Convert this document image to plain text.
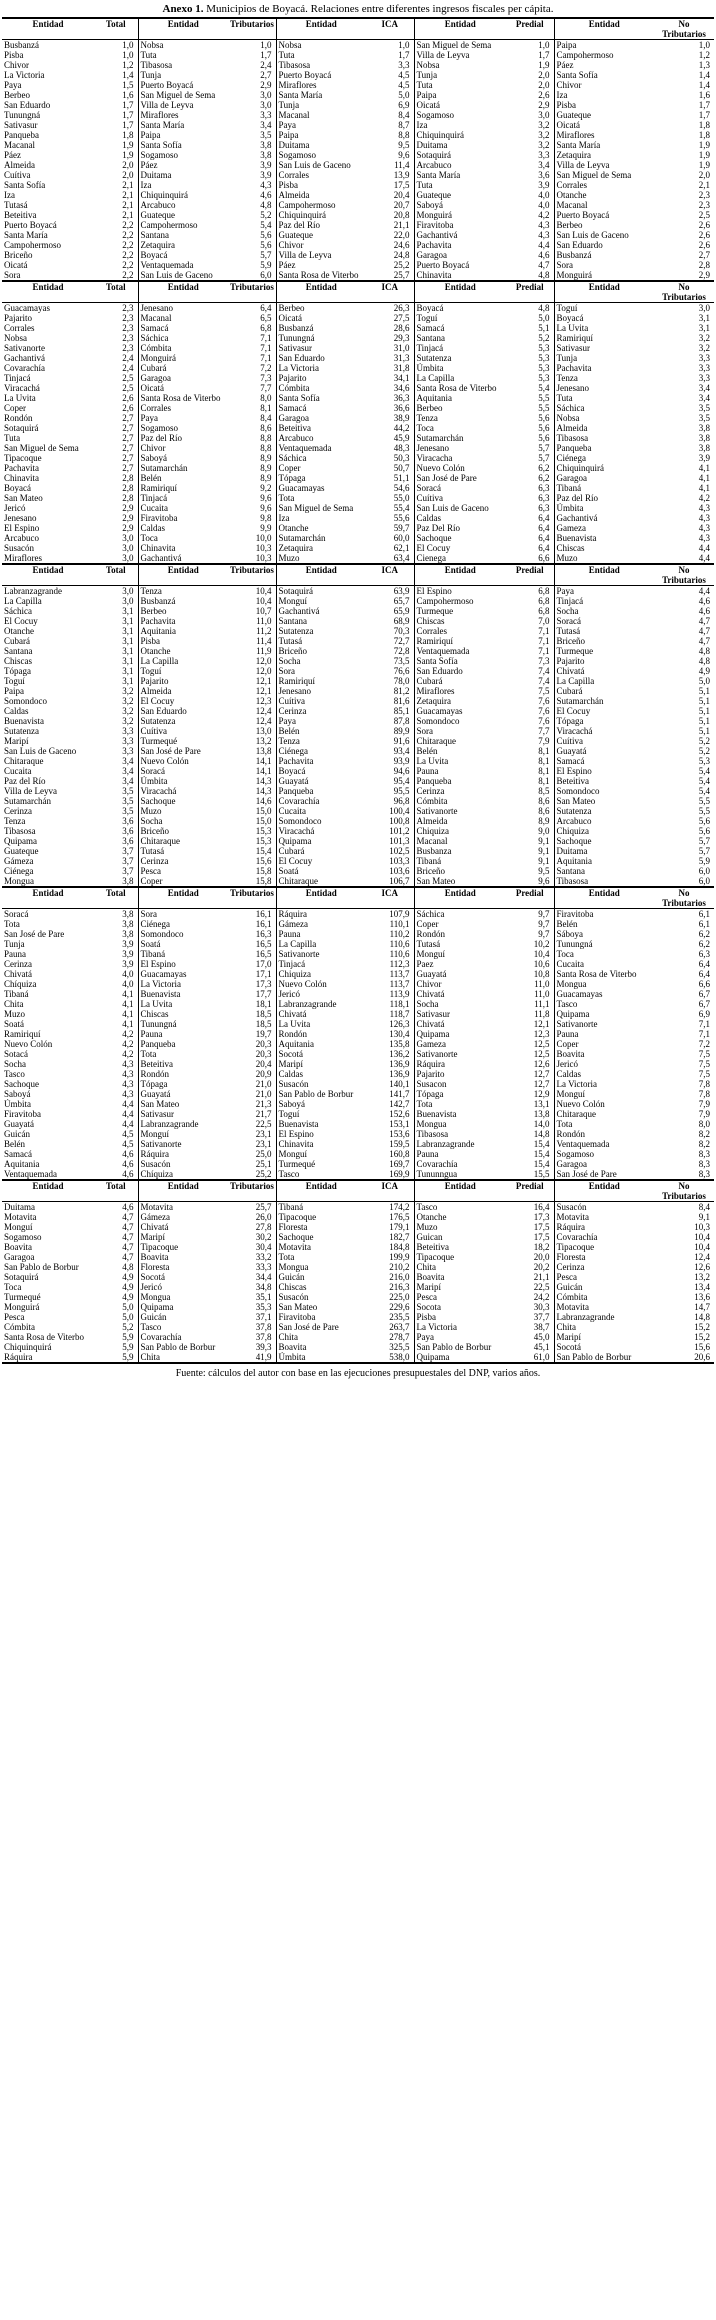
Anexo 1. Municipios de Boyacá. Relaciones entre diferentes ingresos fiscales per cápita.
Entidad	Total	Entidad	Tributarios	Entidad	ICA	Entidad	Predial	Entidad	No Tributarios
Busbanzá	1,0	Nobsa	1,0	Nobsa	1,0	San Miguel de Sema	1,0	Paipa	1,0
Pisba	1,0	Tuta	1,7	Tuta	1,7	Villa de Leyva	1,7	Campohermoso	1,2
Chivor	1,2	Tibasosa	2,4	Tibasosa	3,3	Nobsa	1,9	Páez	1,3
La Victoria	1,4	Tunja	2,7	Puerto Boyacá	4,5	Tunja	2,0	Santa Sofía	1,4
Paya	1,5	Puerto Boyacá	2,9	Miraflores	4,5	Tuta	2,0	Chivor	1,4
Berbeo	1,6	San Miguel de Sema	3,0	Santa María	5,0	Paipa	2,6	Iza	1,6
San Eduardo	1,7	Villa de Leyva	3,0	Tunja	6,9	Oicatá	2,9	Pisba	1,7
Tunungná	1,7	Miraflores	3,3	Macanal	8,4	Sogamoso	3,0	Guateque	1,7
Sativasur	1,7	Santa María	3,4	Paya	8,7	Iza	3,2	Oicatá	1,8
Panqueba	1,8	Paipa	3,5	Paipa	8,8	Chiquinquirá	3,2	Miraflores	1,8
Macanal	1,9	Santa Sofía	3,8	Duitama	9,5	Duitama	3,2	Santa María	1,9
Páez	1,9	Sogamoso	3,8	Sogamoso	9,6	Sotaquirá	3,3	Zetaquira	1,9
Almeida	2,0	Páez	3,9	San Luis de Gaceno	11,4	Arcabuco	3,4	Villa de Leyva	1,9
Cuítiva	2,0	Duitama	3,9	Corrales	13,9	Santa María	3,6	San Miguel de Sema	2,0
Santa Sofía	2,1	Iza	4,3	Pisba	17,5	Tuta	3,9	Corrales	2,1
Iza	2,1	Chiquinquirá	4,6	Almeida	20,4	Guateque	4,0	Otanche	2,3
Tutasá	2,1	Arcabuco	4,8	Campohermoso	20,7	Saboyá	4,0	Macanal	2,3
Beteitiva	2,1	Guateque	5,2	Chiquinquirá	20,8	Monguirá	4,2	Puerto Boyacá	2,5
Puerto Boyacá	2,2	Campohermoso	5,4	Paz del Río	21,1	Firavitoba	4,3	Berbeo	2,6
Santa María	2,2	Santana	5,6	Guateque	22,0	Gachantivá	4,3	San Luis de Gaceno	2,6
Campohermoso	2,2	Zetaquira	5,6	Chivor	24,6	Pachavita	4,4	San Eduardo	2,6
Briceño	2,2	Boyacá	5,7	Villa de Leyva	24,8	Garagoa	4,6	Busbanzá	2,7
Oicatá	2,2	Ventaquemada	5,9	Páez	25,2	Puerto Boyacá	4,7	Sora	2,8
Sora	2,2	San Luis de Gaceno	6,0	Santa Rosa de Viterbo	25,7	Chinavita	4,8	Monguirá	2,9
Entidad	Total	Entidad	Tributarios	Entidad	ICA	Entidad	Predial	Entidad	No Tributarios
Guacamayas	2,3	Jenesano	6,4	Berbeo	26,3	Boyacá	4,8	Toguí	3,0
Pajarito	2,3	Macanal	6,5	Oicatá	27,5	Toguí	5,0	Boyacá	3,1
Corrales	2,3	Samacá	6,8	Busbanzá	28,6	Samacá	5,1	La Uvita	3,1
Nobsa	2,3	Sáchica	7,1	Tunungná	29,3	Santana	5,2	Ramiriquí	3,2
Sativanorte	2,3	Cómbita	7,1	Sativasur	31,0	Tinjacá	5,3	Sativasur	3,2
Gachantivá	2,4	Monguirá	7,1	San Eduardo	31,3	Sutatenza	5,3	Tunja	3,3
Covarachía	2,4	Cubará	7,2	La Victoria	31,8	Úmbita	5,3	Pachavita	3,3
Tinjacá	2,5	Garagoa	7,3	Pajarito	34,1	La Capilla	5,3	Tenza	3,3
Viracachá	2,5	Oicatá	7,7	Cómbita	34,6	Santa Rosa de Viterbo	5,4	Jenesano	3,4
La Uvita	2,6	Santa Rosa de Viterbo	8,0	Santa Sofía	36,3	Aquitania	5,5	Tuta	3,4
Coper	2,6	Corrales	8,1	Samacá	36,6	Berbeo	5,5	Sáchica	3,5
Rondón	2,7	Paya	8,4	Garagoa	38,9	Tenza	5,6	Nobsa	3,5
Sotaquirá	2,7	Sogamoso	8,6	Beteitiva	44,2	Toca	5,6	Almeida	3,8
Tuta	2,7	Paz del Río	8,8	Arcabuco	45,9	Sutamarchán	5,6	Tibasosa	3,8
San Miguel de Sema	2,7	Chivor	8,8	Ventaquemada	48,3	Jenesano	5,7	Panqueba	3,8
Tipacoque	2,7	Saboyá	8,9	Sáchica	50,3	Viracacha	5,7	Ciénega	3,9
Pachavita	2,7	Sutamarchán	8,9	Coper	50,7	Nuevo Colón	6,2	Chiquinquirá	4,1
Chinavita	2,8	Belén	8,9	Tópaga	51,1	San José de Pare	6,2	Garagoa	4,1
Boyacá	2,8	Ramiriquí	9,2	Guacamayas	54,6	Soracá	6,3	Tibaná	4,1
San Mateo	2,8	Tinjacá	9,6	Tota	55,0	Cuítiva	6,3	Paz del Río	4,2
Jericó	2,9	Cucaita	9,6	San Miguel de Sema	55,4	San Luis de Gaceno	6,3	Úmbita	4,3
Jenesano	2,9	Firavitoba	9,8	Iza	55,6	Caldas	6,4	Gachantivá	4,3
El Espino	2,9	Caldas	9,9	Otanche	59,7	Paz Del Río	6,4	Gameza	4,3
Arcabuco	3,0	Toca	10,0	Sutamarchán	60,0	Sachoque	6,4	Buenavista	4,3
Susacón	3,0	Chinavita	10,3	Zetaquira	62,1	El Cocuy	6,4	Chiscas	4,4
Miraflores	3,0	Gachantivá	10,3	Muzo	63,4	Cienega	6,6	Muzo	4,4
Entidad	Total	Entidad	Tributarios	Entidad	ICA	Entidad	Predial	Entidad	No Tributarios
Labranzagrande	3,0	Tenza	10,4	Sotaquirá	63,9	El Espino	6,8	Paya	4,4
La Capilla	3,0	Busbanzá	10,4	Monguí	65,7	Campohermoso	6,8	Tinjacá	4,6
Sáchica	3,1	Berbeo	10,7	Gachantivá	65,9	Turmeque	6,8	Socha	4,6
El Cocuy	3,1	Pachavita	11,0	Santana	68,9	Chiscas	7,0	Soracá	4,7
Otanche	3,1	Aquitania	11,2	Sutatenza	70,3	Corrales	7,1	Tutasá	4,7
Cubará	3,1	Pisba	11,4	Tutasá	72,7	Ramiriquí	7,1	Briceño	4,7
Santana	3,1	Otanche	11,9	Briceño	72,8	Ventaquemada	7,1	Turmeque	4,8
Chiscas	3,1	La Capilla	12,0	Socha	73,5	Santa Sofía	7,3	Pajarito	4,8
Tópaga	3,1	Toguí	12,0	Sora	76,6	San Eduardo	7,4	Chivatá	4,9
Toguí	3,1	Pajarito	12,1	Ramiriquí	78,0	Cubará	7,4	La Capilla	5,0
Paipa	3,2	Almeida	12,1	Jenesano	81,2	Miraflores	7,5	Cubará	5,1
Somondoco	3,2	El Cocuy	12,3	Cuítiva	81,6	Zetaquira	7,6	Sutamarchán	5,1
Caldas	3,2	San Eduardo	12,4	Cerinza	85,1	Guacamayas	7,6	El Cocuy	5,1
Buenavista	3,2	Sutatenza	12,4	Paya	87,8	Somondoco	7,6	Tópaga	5,1
Sutatenza	3,3	Cuítiva	13,0	Belén	89,9	Sora	7,7	Viracachá	5,1
Maripí	3,3	Turmequé	13,2	Tenza	91,6	Chitaraque	7,9	Cuítiva	5,2
San Luis de Gaceno	3,3	San José de Pare	13,8	Ciénega	93,4	Belén	8,1	Guayatá	5,2
Chitaraque	3,4	Nuevo Colón	14,1	Pachavita	93,9	La Uvita	8,1	Samacá	5,3
Cucaita	3,4	Soracá	14,1	Boyacá	94,6	Pauna	8,1	El Espino	5,4
Paz del Río	3,4	Úmbita	14,3	Guayatá	95,4	Panqueba	8,1	Beteitiva	5,4
Villa de Leyva	3,5	Viracachá	14,3	Panqueba	95,5	Cerinza	8,5	Somondoco	5,4
Sutamarchán	3,5	Sachoque	14,6	Covarachía	96,8	Cómbita	8,6	San Mateo	5,5
Cerinza	3,5	Muzo	15,0	Cucaita	100,4	Sativanorte	8,6	Sutatenza	5,5
Tenza	3,6	Socha	15,0	Somondoco	100,8	Almeida	8,9	Arcabuco	5,6
Tibasosa	3,6	Briceño	15,3	Viracachá	101,2	Chiquiza	9,0	Chiquiza	5,6
Quipama	3,6	Chitaraque	15,3	Quipama	101,3	Macanal	9,1	Sachoque	5,7
Guateque	3,7	Tutasá	15,4	Cubará	102,5	Busbanza	9,1	Duitama	5,7
Gámeza	3,7	Cerinza	15,6	El Cocuy	103,3	Tibaná	9,1	Aquitania	5,9
Ciénega	3,7	Pesca	15,8	Soatá	103,6	Briceño	9,5	Santana	6,0
Mongua	3,8	Coper	15,8	Chitaraque	106,7	San Mateo	9,6	Tibasosa	6,0
Entidad	Total	Entidad	Tributarios	Entidad	ICA	Entidad	Predial	Entidad	No Tributarios
Soracá	3,8	Sora	16,1	Ráquira	107,9	Sáchica	9,7	Firavitoba	6,1
Tota	3,8	Ciénega	16,1	Gámeza	110,1	Coper	9,7	Belén	6,1
San José de Pare	3,8	Somondoco	16,3	Pauna	110,2	Rondón	9,7	Sáboya	6,2
Tunja	3,9	Soatá	16,5	La Capilla	110,6	Tutasá	10,2	Tunungná	6,2
Pauna	3,9	Tibaná	16,5	Sativanorte	110,6	Monguí	10,4	Toca	6,3
Cerinza	3,9	El Espino	17,0	Tinjacá	112,3	Paez	10,6	Cucaita	6,4
Chivatá	4,0	Guacamayas	17,1	Chiquiza	113,7	Guayatá	10,8	Santa Rosa de Viterbo	6,4
Chíquiza	4,0	La Victoria	17,3	Nuevo Colón	113,7	Chivor	11,0	Mongua	6,6
Tibaná	4,1	Buenavista	17,7	Jericó	113,9	Chivatá	11,0	Guacamayas	6,7
Chita	4,1	La Uvita	18,1	Labranzagrande	118,1	Socha	11,1	Tasco	6,7
Muzo	4,1	Chiscas	18,5	Chivatá	118,7	Sativasur	11,8	Quipama	6,9
Soatá	4,1	Tunungná	18,5	La Uvita	126,3	Chivatá	12,1	Sativanorte	7,1
Ramiriquí	4,2	Pauna	19,7	Rondón	130,4	Quipama	12,3	Pauna	7,1
Nuevo Colón	4,2	Panqueba	20,3	Aquitania	135,8	Gameza	12,5	Coper	7,2
Sotacá	4,2	Tota	20,3	Socotá	136,2	Sativanorte	12,5	Boavita	7,5
Socha	4,3	Beteitiva	20,4	Maripí	136,9	Ráquira	12,6	Jericó	7,5
Tasco	4,3	Rondón	20,9	Caldas	136,9	Pajarito	12,7	Caldas	7,5
Sachoque	4,3	Tópaga	21,0	Susacón	140,1	Susacon	12,7	La Victoria	7,8
Saboyá	4,3	Guayatá	21,0	San Pablo de Borbur	141,7	Tópaga	12,9	Monguí	7,8
Úmbita	4,4	San Mateo	21,3	Saboyá	142,7	Tota	13,1	Nuevo Colón	7,9
Firavitoba	4,4	Sativasur	21,7	Toguí	152,6	Buenavista	13,8	Chitaraque	7,9
Guayatá	4,4	Labranzagrande	22,5	Buenavista	153,1	Mongua	14,0	Tota	8,0
Guicán	4,5	Monguí	23,1	El Espino	153,6	Tibasosa	14,8	Rondón	8,2
Belén	4,5	Sativanorte	23,1	Chinavita	159,5	Labranzagrande	15,4	Ventaquemada	8,2
Samacá	4,6	Ráquira	25,0	Monguí	160,8	Pauna	15,4	Sogamoso	8,3
Aquitania	4,6	Susacón	25,1	Turmequé	169,7	Covarachía	15,4	Garagoa	8,3
Ventaquemada	4,6	Chíquiza	25,2	Tasco	169,9	Tununngua	15,5	San José de Pare	8,3
Entidad	Total	Entidad	Tributarios	Entidad	ICA	Entidad	Predial	Entidad	No Tributarios
Duitama	4,6	Motavita	25,7	Tibaná	174,2	Tasco	16,4	Susacón	8,4
Motavita	4,7	Gámeza	26,0	Tipacoque	176,5	Otanche	17,3	Motavita	9,1
Monguí	4,7	Chivatá	27,8	Floresta	179,1	Muzo	17,5	Ráquira	10,3
Sogamoso	4,7	Maripí	30,2	Sachoque	182,7	Guican	17,5	Covarachía	10,4
Boavita	4,7	Tipacoque	30,4	Motavita	184,8	Beteitiva	18,2	Tipacoque	10,4
Garagoa	4,7	Boavita	33,2	Tota	199,9	Tipacoque	20,0	Floresta	12,4
San Pablo de Borbur	4,8	Floresta	33,3	Mongua	210,2	Chita	20,2	Cerinza	12,6
Sotaquirá	4,9	Socotá	34,4	Guicán	216,0	Boavita	21,1	Pesca	13,2
Toca	4,9	Jericó	34,8	Chiscas	216,3	Maripí	22,5	Guicán	13,4
Turmequé	4,9	Mongua	35,1	Susacón	225,0	Pesca	24,2	Cómbita	13,6
Monguirá	5,0	Quipama	35,3	San Mateo	229,6	Socota	30,3	Motavita	14,7
Pesca	5,0	Guicán	37,1	Firavitoba	235,5	Pisba	37,7	Labranzagrande	14,8
Cómbita	5,2	Tasco	37,8	San José de Pare	263,7	La Victoria	38,7	Chita	15,2
Santa Rosa de Viterbo	5,9	Covarachía	37,8	Chita	278,7	Paya	45,0	Maripí	15,2
Chiquinquirá	5,9	San Pablo de Borbur	39,3	Boavita	325,5	San Pablo de Borbur	45,1	Socotá	15,6
Ráquira	5,9	Chita	41,9	Úmbita	538,0	Quipama	61,0	San Pablo de Borbur	20,6
Fuente: cálculos del autor con base en las ejecuciones presupuestales del DNP, varios años.
